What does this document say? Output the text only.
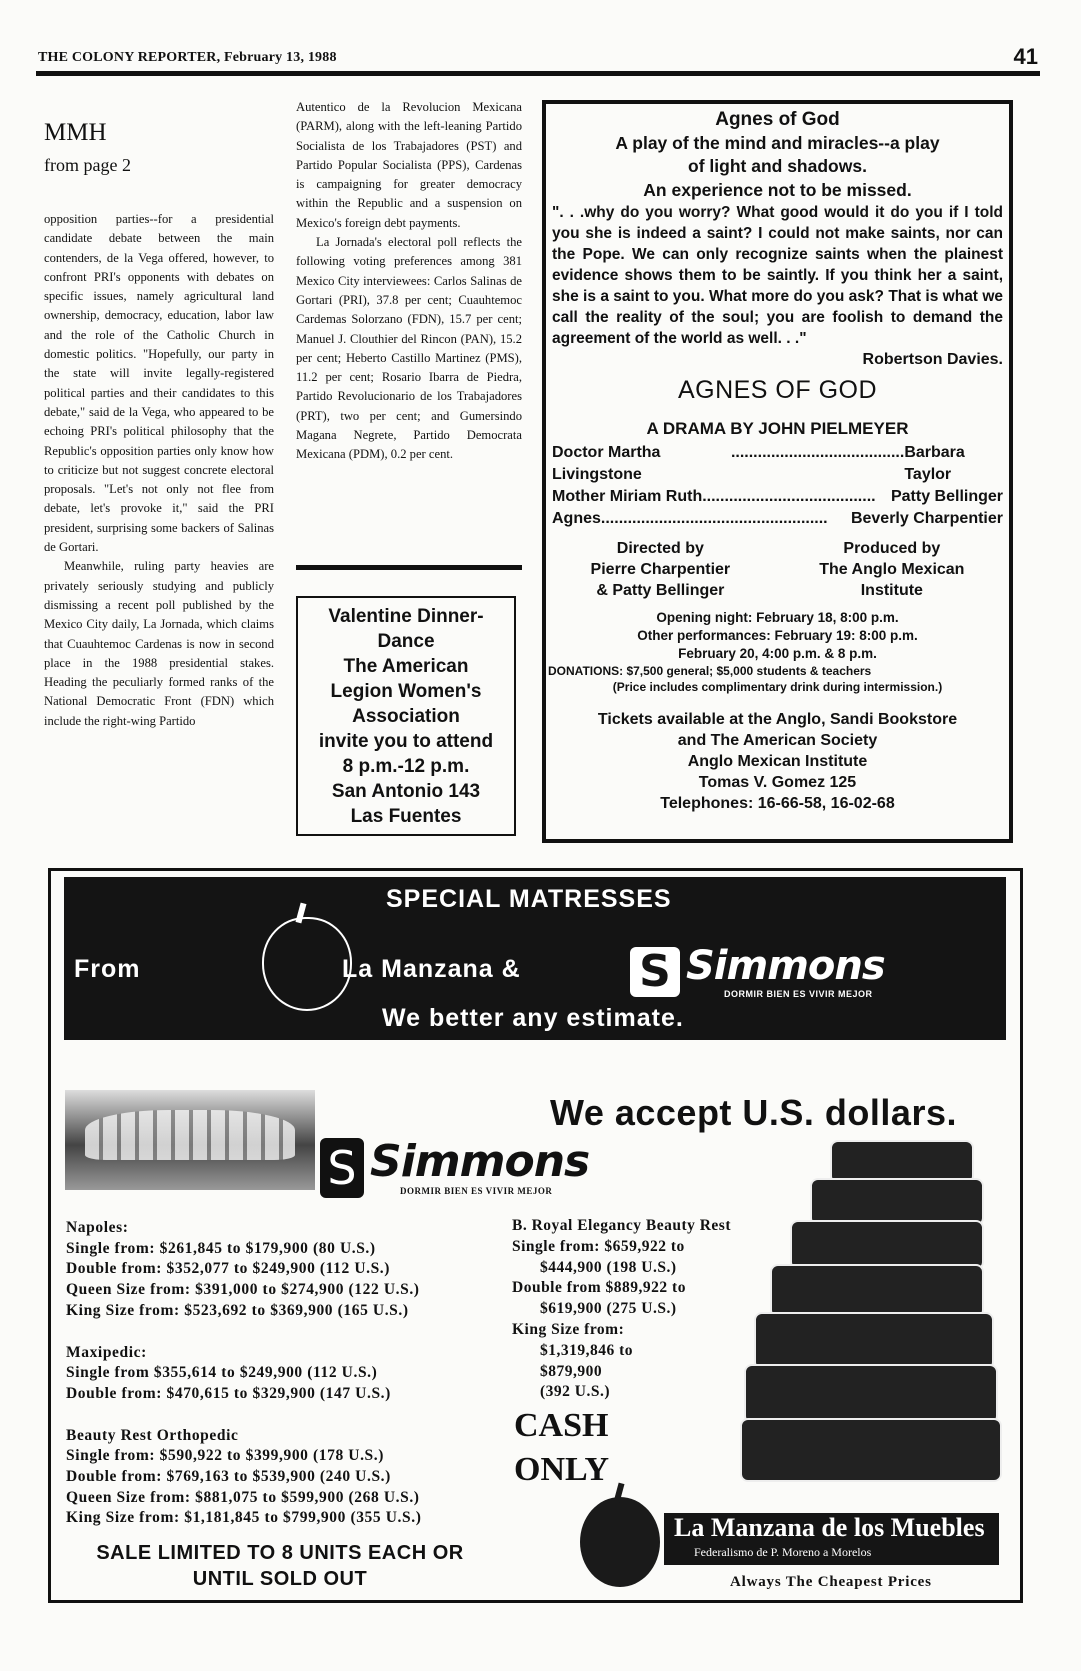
THE COLONY REPORTER, February 13, 1988	41
MMH
from page 2

opposition parties--for a presidential candidate debate between the main contenders, de la Vega offered, however, to confront PRI's opponents with debates on specific issues, namely agricultural land ownership, democracy, education, labor law and the role of the Catholic Church in domestic politics. "Hopefully, our party in the state will invite legally-registered political parties and their candidates to this debate," said de la Vega, who appeared to be echoing PRI's political philosophy that the Republic's opposition parties only know how to criticize but not suggest concrete electoral proposals. "Let's not only not flee from debate, let's provoke it," said the PRI president, surprising some backers of Salinas de Gortari.

Meanwhile, ruling party heavies are privately seriously studying and publicly dismissing a recent poll published by the Mexico City daily, La Jornada, which claims that Cuauhtemoc Cardenas is now in second place in the 1988 presidential stakes. Heading the peculiarly formed ranks of the National Democratic Front (FDN) which include the right-wing Partido

Autentico de la Revolucion Mexicana (PARM), along with the left-leaning Partido Socialista de los Trabajadores (PST) and Partido Popular Socialista (PPS), Cardenas is campaigning for greater democracy within the Republic and a suspension on Mexico's foreign debt payments.

La Jornada's electoral poll reflects the following voting preferences among 381 Mexico City interviewees: Carlos Salinas de Gortari (PRI), 37.8 per cent; Cuauhtemoc Cardemas Solorzano (FDN), 15.7 per cent; Manuel J. Clouthier del Rincon (PAN), 15.2 per cent; Heberto Castillo Martinez (PMS), 11.2 per cent; Rosario Ibarra de Piedra, Partido Revolucionario de los Trabajadores (PRT), two per cent; and Gumersindo Magana Negrete, Partido Democrata Mexicana (PDM), 0.2 per cent.

Valentine Dinner-
Dance
The American
Legion Women's
Association
invite you to attend
8 p.m.-12 p.m.
San Antonio 143
Las Fuentes
Agnes of God
A play of the mind and miracles--a play
of light and shadows.
An experience not to be missed.
". . .why do you worry? What good would it do you if I told you she is indeed a saint? I could not make saints, nor can the Pope. We can only recognize saints when the plainest evidence shows them to be saintly. If you think her a saint, she is a saint to you. What more do you ask? That is what we call the reality of the soul; you are foolish to demand the agreement of the world as well. . ."
Robertson Davies.
AGNES OF GOD
A DRAMA BY JOHN PIELMEYER
Doctor Martha Livingstone
....................................... Barbara Taylor
Mother Miriam Ruth ....................................... Patty Bellinger
Agnes ...................................................	Beverly Charpentier
Directed by
Pierre Charpentier
& Patty Bellinger
Produced by
The Anglo Mexican
Institute
Opening night: February 18, 8:00 p.m.
Other performances: February 19: 8:00 p.m.
February 20, 4:00 p.m. & 8 p.m.
DONATIONS: $7,500 general; $5,000 students & teachers
(Price includes complimentary drink during intermission.)
Tickets available at the Anglo, Sandi Bookstore
and The American Society
Anglo Mexican Institute
Tomas V. Gomez 125
Telephones: 16-66-58, 16-02-68
SPECIAL MATRESSES
From	La Manzana &	S Simmons
DORMIR BIEN ES VIVIR MEJOR
We better any estimate.
S Simmons
DORMIR BIEN ES VIVIR MEJOR
We accept U.S. dollars.

Napoles:

Single from: $261,845 to $179,900 (80 U.S.)

Double from: $352,077 to $249,900 (112 U.S.)

Queen Size from: $391,000 to $274,900 (122 U.S.)

King Size from: $523,692 to $369,900 (165 U.S.)

Maxipedic:

Single from $355,614 to $249,900 (112 U.S.)

Double from: $470,615 to $329,900 (147 U.S.)

Beauty Rest Orthopedic

Single from: $590,922 to $399,900 (178 U.S.)

Double from: $769,163 to $539,900 (240 U.S.)

Queen Size from: $881,075 to $599,900 (268 U.S.)

King Size from: $1,181,845 to $799,900 (355 U.S.)

B. Royal Elegancy Beauty Rest

Single from: $659,922 to

$444,900 (198 U.S.)

Double from $889,922 to

$619,900 (275 U.S.)

King Size from:

$1,319,846 to

$879,900

(392 U.S.)

CASH
ONLY
SALE LIMITED TO 8 UNITS EACH OR
UNTIL SOLD OUT
La Manzana de los Muebles
Federalismo de P. Moreno a Morelos
Always The Cheapest Prices
